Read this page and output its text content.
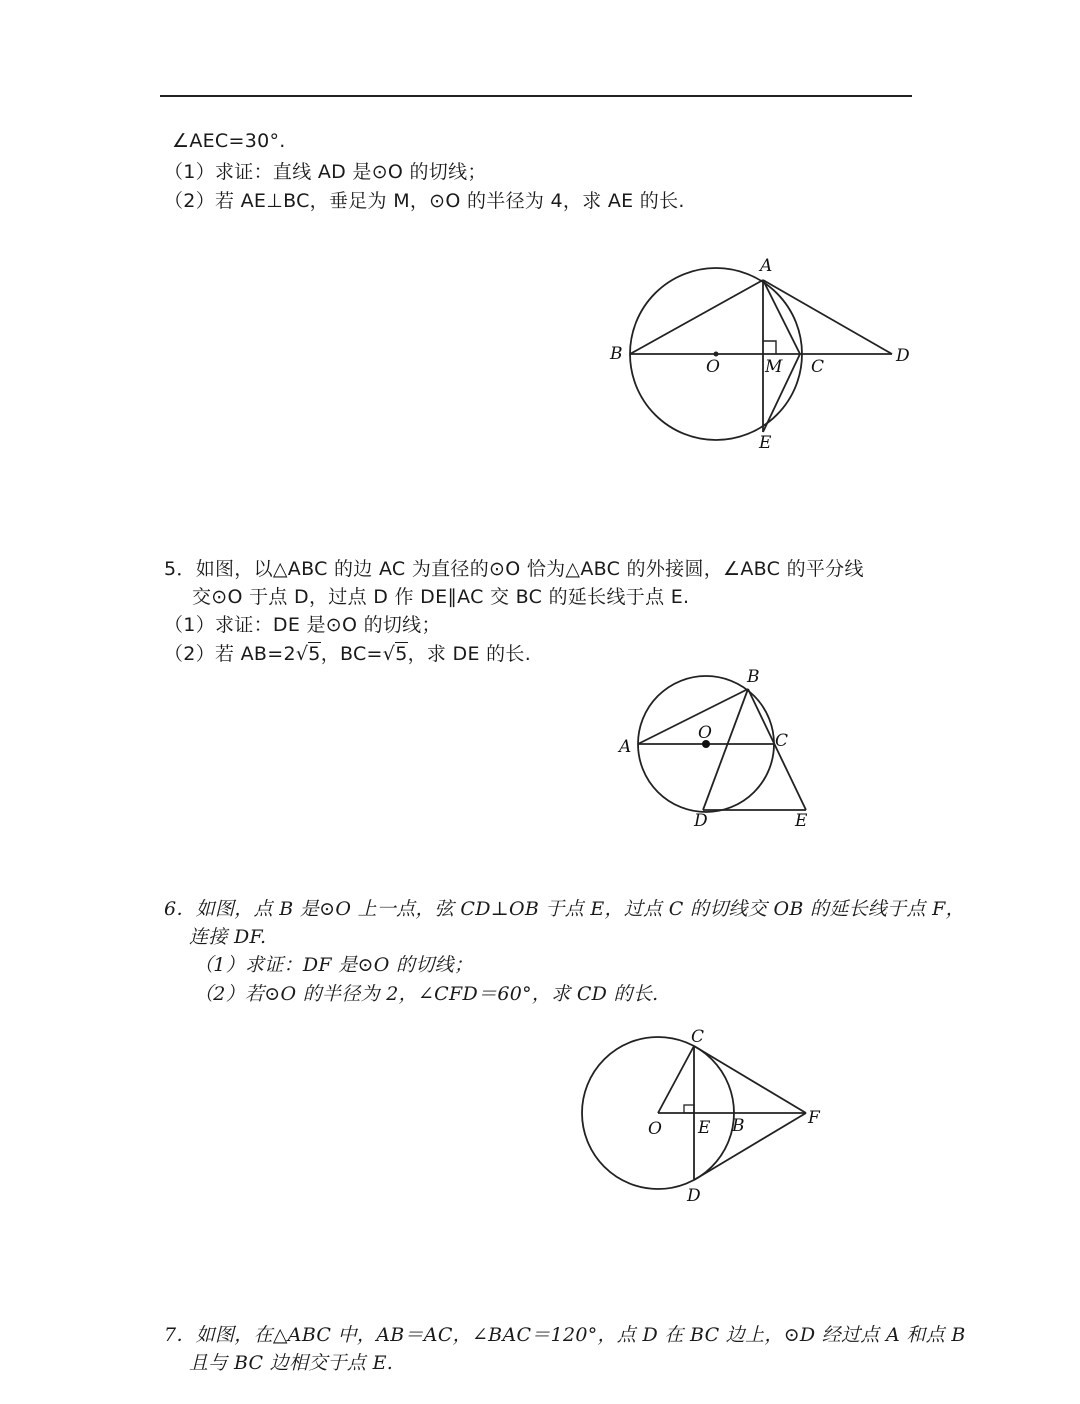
∠AEC=30°.
（1）求证：直线 AD 是⊙O 的切线；
（2）若 AE⊥BC，垂足为 M，⊙O 的半径为 4，求 AE 的长.
A
B
O	M C
D
E
5．如图，以△ABC 的边 AC 为直径的⊙O 恰为△ABC 的外接圆，∠ABC 的平分线
交⊙O 于点 D，过点 D 作 DE∥AC 交 BC 的延长线于点 E.
（1）求证：DE 是⊙O 的切线；
（2）若 AB=2√5，BC=√5，求 DE 的长.
B
O
A	C
D	E
6．如图，点 B 是⊙O 上一点，弦 CD⊥OB 于点 E，过点 C 的切线交 OB 的延长线于点 F，
连接 DF.
（1）求证：DF 是⊙O 的切线；
（2）若⊙O 的半径为 2，∠CFD＝60°，求 CD 的长.
C
O E B	F
D
7．如图，在△ABC 中，AB＝AC，∠BAC＝120°，点 D 在 BC 边上，⊙D 经过点 A 和点 B
且与 BC 边相交于点 E.
